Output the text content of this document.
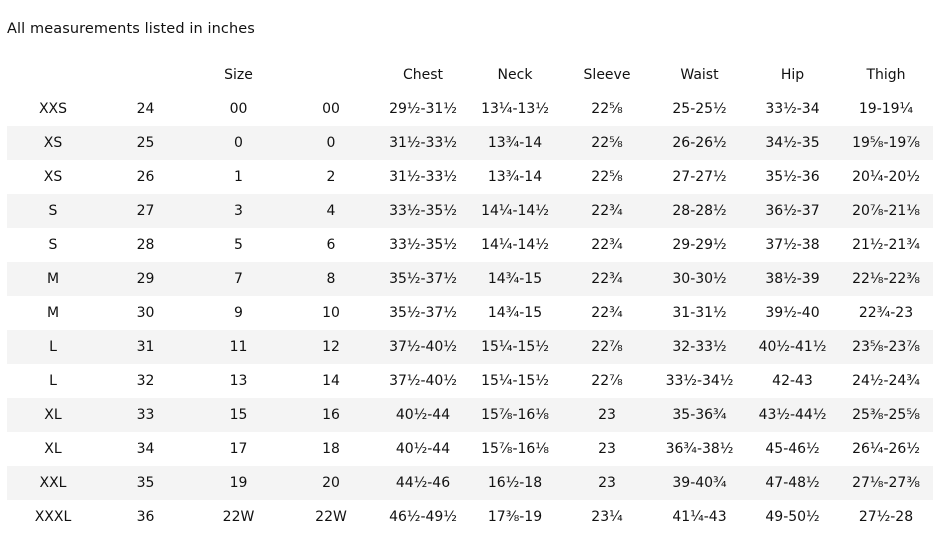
All measurements listed in inches
		Size		Chest	Neck	Sleeve	Waist	Hip	Thigh
XXS	24	00	00	29½-31½	13¼-13½	22⅝	25-25½	33½-34	19-19¼
XS	25	0	0	31½-33½	13¾-14	22⅝	26-26½	34½-35	19⅝-19⅞
XS	26	1	2	31½-33½	13¾-14	22⅝	27-27½	35½-36	20¼-20½
S	27	3	4	33½-35½	14¼-14½	22¾	28-28½	36½-37	20⅞-21⅛
S	28	5	6	33½-35½	14¼-14½	22¾	29-29½	37½-38	21½-21¾
M	29	7	8	35½-37½	14¾-15	22¾	30-30½	38½-39	22⅛-22⅜
M	30	9	10	35½-37½	14¾-15	22¾	31-31½	39½-40	22¾-23
L	31	11	12	37½-40½	15¼-15½	22⅞	32-33½	40½-41½	23⅝-23⅞
L	32	13	14	37½-40½	15¼-15½	22⅞	33½-34½	42-43	24½-24¾
XL	33	15	16	40½-44	15⅞-16⅛	23	35-36¾	43½-44½	25⅜-25⅝
XL	34	17	18	40½-44	15⅞-16⅛	23	36¾-38½	45-46½	26¼-26½
XXL	35	19	20	44½-46	16½-18	23	39-40¾	47-48½	27⅛-27⅜
XXXL	36	22W	22W	46½-49½	17⅜-19	23¼	41¼-43	49-50½	27½-28
